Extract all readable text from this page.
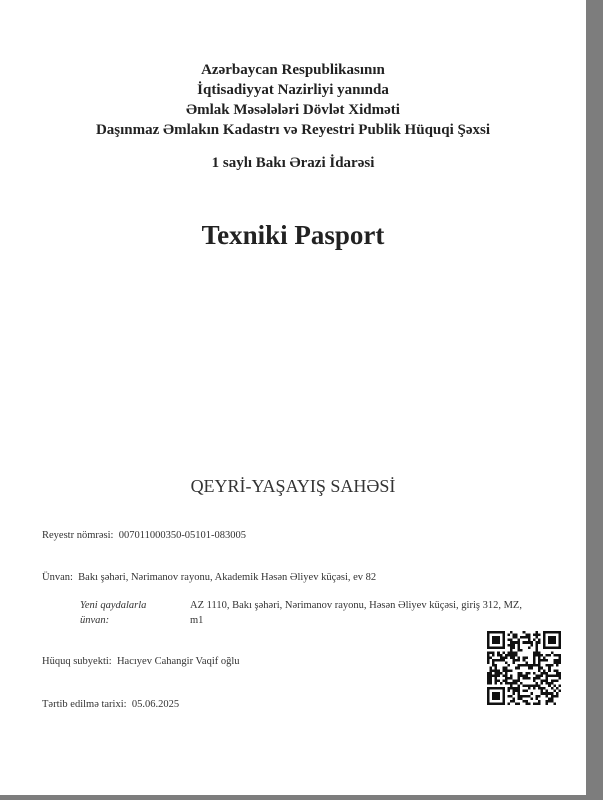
Azərbaycan Respublikasının
İqtisadiyyat Nazirliyi yanında
Əmlak Məsələləri Dövlət Xidməti
Daşınmaz Əmlakın Kadastrı və Reyestri Publik Hüquqi Şəxsi
1 saylı Bakı Ərazi İdarəsi
Texniki Pasport
QEYRİ-YAŞAYIŞ SAHƏSİ
Reyestr nömrəsi: 007011000350-05101-083005
Ünvan: Bakı şəhəri, Nərimanov rayonu, Akademik Həsən Əliyev küçəsi, ev 82
Yeni qaydalarla
ünvan:
AZ 1110, Bakı şəhəri, Nərimanov rayonu, Həsən Əliyev küçəsi, giriş 312, MZ,
m1
Hüquq subyekti: Hacıyev Cahangir Vaqif oğlu
Tərtib edilmə tarixi: 05.06.2025
